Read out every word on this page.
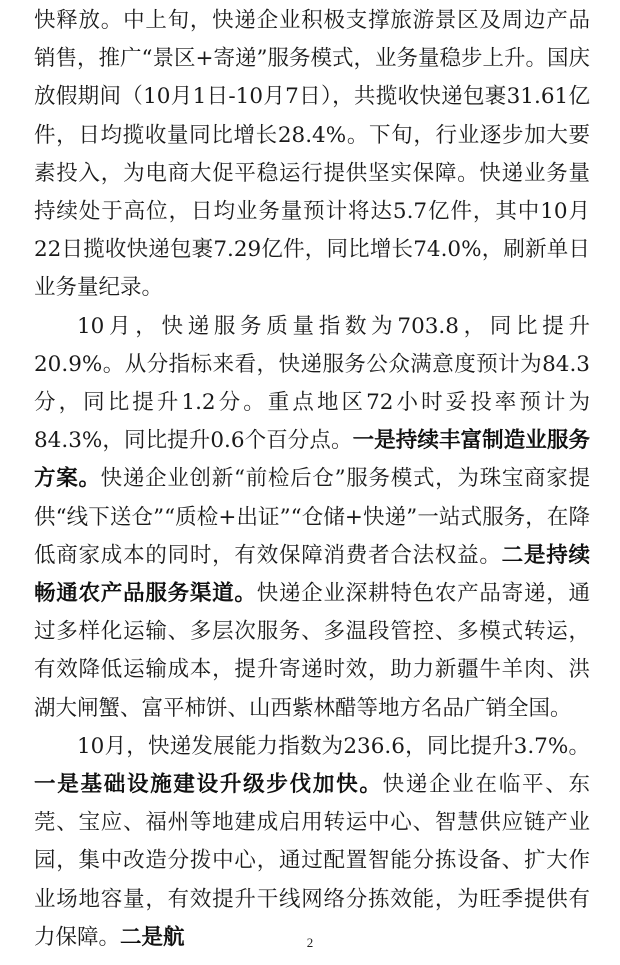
快释放。中上旬，快递企业积极支撑旅游景区及周边产品销售，推广“景区+寄递”服务模式，业务量稳步上升。国庆放假期间（10月1日-10月7日），共揽收快递包裹31.61亿件，日均揽收量同比增长28.4%。下旬，行业逐步加大要素投入，为电商大促平稳运行提供坚实保障。快递业务量持续处于高位，日均业务量预计将达5.7亿件，其中10月22日揽收快递包裹7.29亿件，同比增长74.0%，刷新单日业务量纪录。

10月，快递服务质量指数为703.8，同比提升20.9%。从分指标来看，快递服务公众满意度预计为84.3分，同比提升1.2分。重点地区72小时妥投率预计为84.3%，同比提升0.6个百分点。一是持续丰富制造业服务方案。快递企业创新“前检后仓”服务模式，为珠宝商家提供“线下送仓”“质检+出证”“仓储+快递”一站式服务，在降低商家成本的同时，有效保障消费者合法权益。二是持续畅通农产品服务渠道。快递企业深耕特色农产品寄递，通过多样化运输、多层次服务、多温段管控、多模式转运，有效降低运输成本，提升寄递时效，助力新疆牛羊肉、洪湖大闸蟹、富平柿饼、山西紫林醋等地方名品广销全国。

10月，快递发展能力指数为236.6，同比提升3.7%。一是基础设施建设升级步伐加快。快递企业在临平、东莞、宝应、福州等地建成启用转运中心、智慧供应链产业园，集中改造分拨中心，通过配置智能分拣设备、扩大作业场地容量，有效提升干线网络分拣效能，为旺季提供有力保障。二是航	2
